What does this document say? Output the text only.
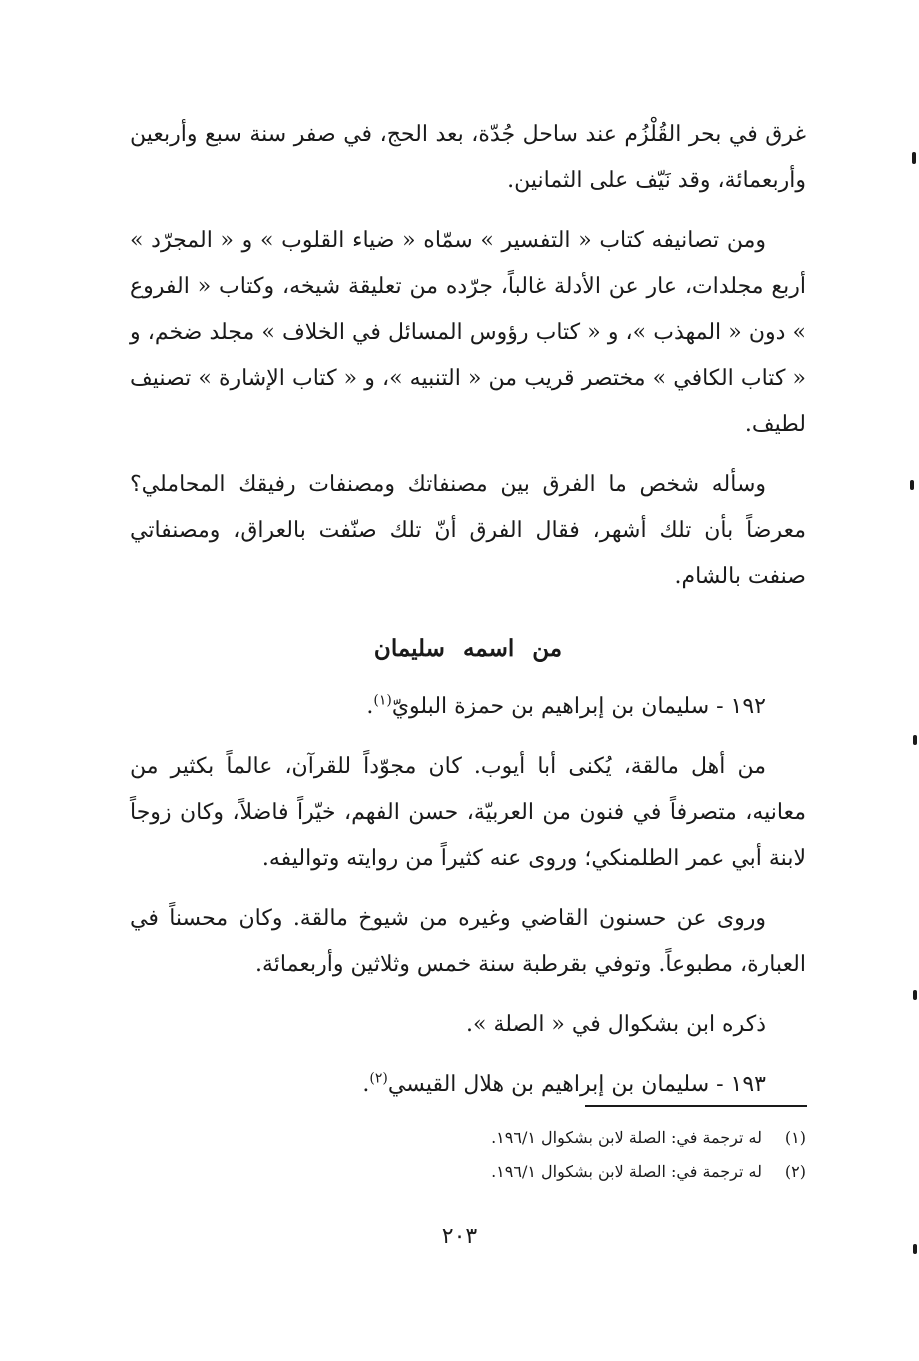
غرق في بحر القُلْزُم عند ساحل جُدّة، بعد الحج، في صفر سنة سبع وأربعين وأربعمائة، وقد نَيّف على الثمانين.

ومن تصانيفه كتاب « التفسير » سمّاه « ضياء القلوب » و « المجرّد » أربع مجلدات، عار عن الأدلة غالباً، جرّده من تعليقة شيخه، وكتاب « الفروع » دون « المهذب »، و « كتاب رؤوس المسائل في الخلاف » مجلد ضخم، و « كتاب الكافي » مختصر قريب من « التنبيه »، و « كتاب الإشارة » تصنيف لطيف.

وسأله شخص ما الفرق بين مصنفاتك ومصنفات رفيقك المحاملي؟ معرضاً بأن تلك أشهر، فقال الفرق أنّ تلك صنّفت بالعراق، ومصنفاتي صنفت بالشام.

من اسمه سليمان
١٩٢ - سليمان بن إبراهيم بن حمزة البلويّ$^{(١)}$.

من أهل مالقة، يُكنى أبا أيوب. كان مجوّداً للقرآن، عالماً بكثير من معانيه، متصرفاً في فنون من العربيّة، حسن الفهم، خيّراً فاضلاً، وكان زوجاً لابنة أبي عمر الطلمنكي؛ وروى عنه كثيراً من روايته وتواليفه.

وروى عن حسنون القاضي وغيره من شيوخ مالقة. وكان محسناً في العبارة، مطبوعاً. وتوفي بقرطبة سنة خمس وثلاثين وأربعمائة.

ذكره ابن بشكوال في « الصلة ».

١٩٣ - سليمان بن إبراهيم بن هلال القيسي$^{(٢)}$.
(١)
له ترجمة في: الصلة لابن بشكوال ١٩٦/١.
(٢)
له ترجمة في: الصلة لابن بشكوال ١٩٦/١.
٢٠٣
